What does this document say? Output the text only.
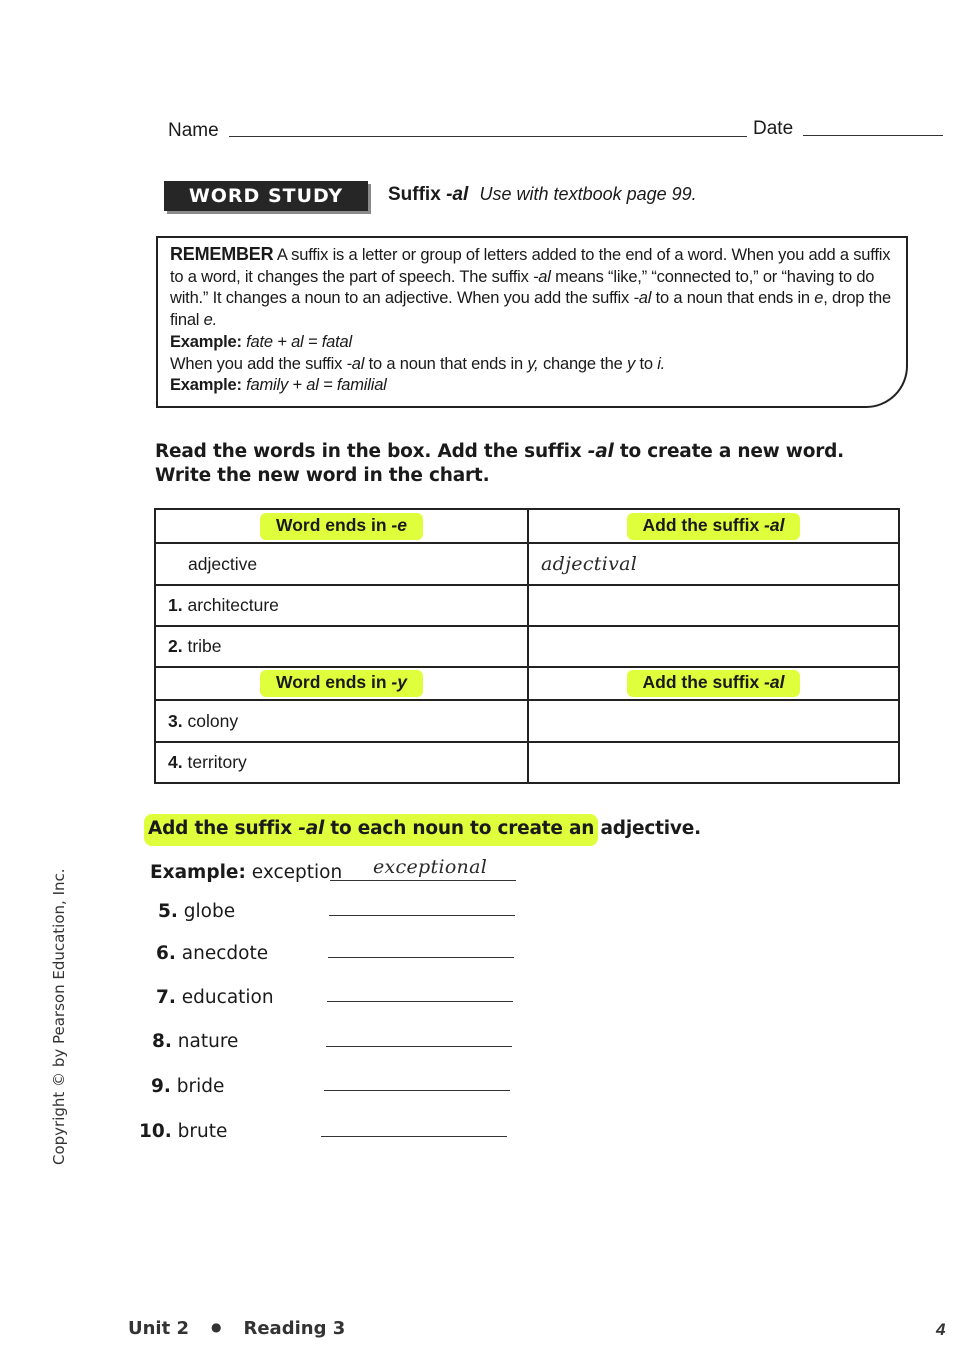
Name	Date
WORD STUDY	Suffix -al Use with textbook page 99.
REMEMBER A suffix is a letter or group of letters added to the end of a word. When you add a suffix to a word, it changes the part of speech. The suffix -al means “like,” “connected to,” or “having to do with.” It changes a noun to an adjective. When you add the suffix -al to a noun that ends in e, drop the final e.
Example: fate + al = fatal
When you add the suffix -al to a noun that ends in y, change the y to i.
Example: family + al = familial
Read the words in the box. Add the suffix -al to create a new word. Write the new word in the chart.
Word ends in -e	Add the suffix -al
adjective	adjectival
1. architecture	
2. tribe	
Word ends in -y	Add the suffix -al
3. colony	
4. territory	
Add the suffix -al to each noun to create an adjective.
Example: exception exceptional
5. globe
6. anecdote
7. education
8. nature
9. bride
10. brute
Copyright © by Pearson Education, Inc.
Unit 2 ● Reading 3	4
